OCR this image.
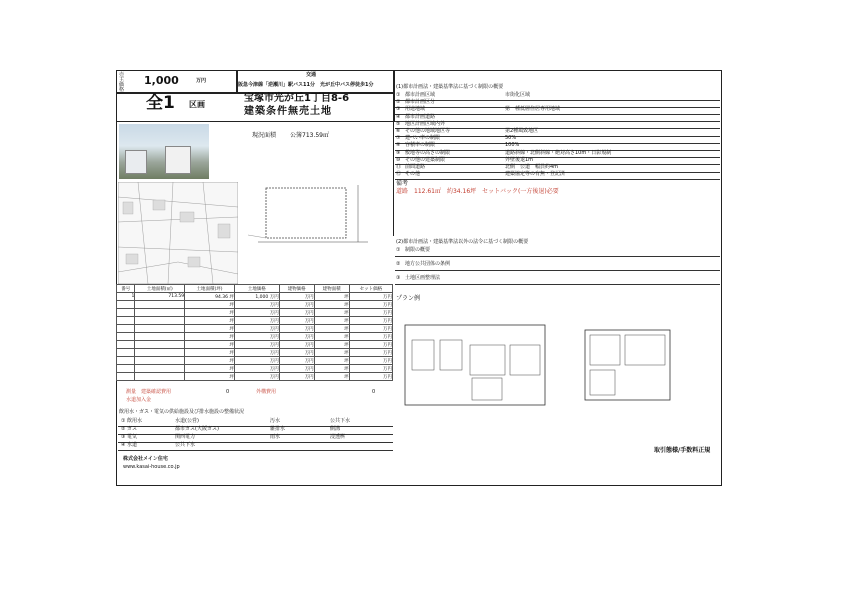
売主価格
1,000	万円
交通
阪急今津線「逆瀬川」駅バス11分　光が丘中バス停徒歩1分
全1 区画
宝塚市光が丘1丁目8-6
建築条件無売土地
現況面積 公簿713.59㎡
(1)都市計画法・建築基準法に基づく制限の概要
① 都市計画区域	市街化区域
② 都市計画区分
③ 用途地域	第一種低層住居専用地域
④ 都市計画道路
⑤ 地区計画区域内外
⑥ その他の地域地区等	第2種風致地区
⑦ 建ぺい率の制限	50%
⑧ 容積率の制限	100%
⑨ 敷地等の高さの制限	道路斜線・北側斜線・絶対高さ10m・日影規制
⑩ その他の建築制限	外壁後退1m
⑪ 前面道路	北側　公道　幅員約4m
⑫ その他	建築協定等の有無・登記済
備考
道路　112.61㎡　約34.16坪　セットバック(一方後退)必要
(2)都市計画法・建築基準法以外の法令に基づく制限の概要
① 制限の概要
② 地方公共団体の条例
③ 土地区画整理法
プラン例
番号	土地面積(㎡)	土地面積(坪)	土地価格	建物価格	建物面積	セット価格
1	713.59	94.36 坪	1,000 万円	万円	坪	万円
		坪	万円	万円	坪	万円
		坪	万円	万円	坪	万円
		坪	万円	万円	坪	万円
		坪	万円	万円	坪	万円
		坪	万円	万円	坪	万円
		坪	万円	万円	坪	万円
		坪	万円	万円	坪	万円
		坪	万円	万円	坪	万円
		坪	万円	万円	坪	万円
		坪	万円	万円	坪	万円
測量　建築確認費用
水道加入金
0	外構費用	0
飲用水・ガス・電気の供給施設及び排水施設の整備状況
① 飲用水	水道(公営)	汚水	公共下水
② ガス	都市ガス(大阪ガス)	雑排水	側溝
③ 電気	関西電力	雨水	浸透桝
④ 水道	公共下水
株式会社メイン住宅
www.kasai-house.co.jp
取引態様/手数料正規
